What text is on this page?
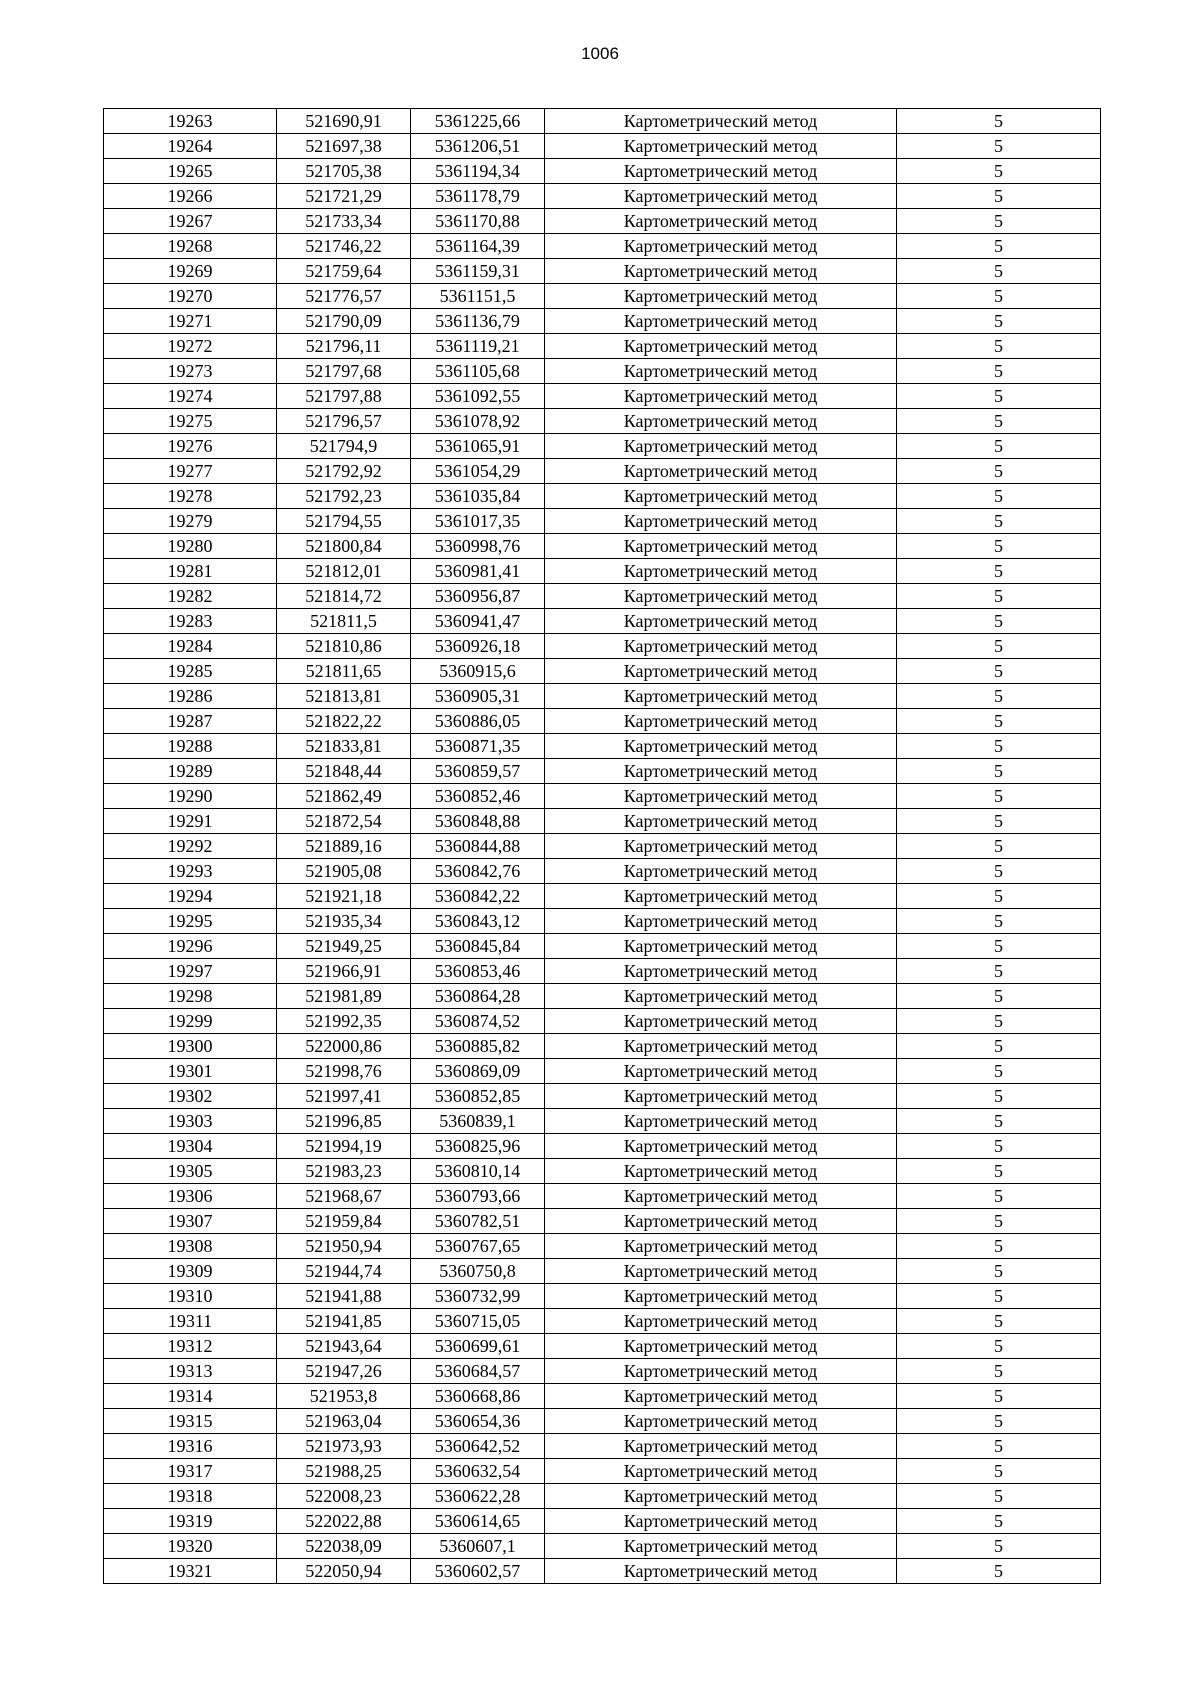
1006
19263	521690,91	5361225,66	Картометрический метод	5
19264	521697,38	5361206,51	Картометрический метод	5
19265	521705,38	5361194,34	Картометрический метод	5
19266	521721,29	5361178,79	Картометрический метод	5
19267	521733,34	5361170,88	Картометрический метод	5
19268	521746,22	5361164,39	Картометрический метод	5
19269	521759,64	5361159,31	Картометрический метод	5
19270	521776,57	5361151,5	Картометрический метод	5
19271	521790,09	5361136,79	Картометрический метод	5
19272	521796,11	5361119,21	Картометрический метод	5
19273	521797,68	5361105,68	Картометрический метод	5
19274	521797,88	5361092,55	Картометрический метод	5
19275	521796,57	5361078,92	Картометрический метод	5
19276	521794,9	5361065,91	Картометрический метод	5
19277	521792,92	5361054,29	Картометрический метод	5
19278	521792,23	5361035,84	Картометрический метод	5
19279	521794,55	5361017,35	Картометрический метод	5
19280	521800,84	5360998,76	Картометрический метод	5
19281	521812,01	5360981,41	Картометрический метод	5
19282	521814,72	5360956,87	Картометрический метод	5
19283	521811,5	5360941,47	Картометрический метод	5
19284	521810,86	5360926,18	Картометрический метод	5
19285	521811,65	5360915,6	Картометрический метод	5
19286	521813,81	5360905,31	Картометрический метод	5
19287	521822,22	5360886,05	Картометрический метод	5
19288	521833,81	5360871,35	Картометрический метод	5
19289	521848,44	5360859,57	Картометрический метод	5
19290	521862,49	5360852,46	Картометрический метод	5
19291	521872,54	5360848,88	Картометрический метод	5
19292	521889,16	5360844,88	Картометрический метод	5
19293	521905,08	5360842,76	Картометрический метод	5
19294	521921,18	5360842,22	Картометрический метод	5
19295	521935,34	5360843,12	Картометрический метод	5
19296	521949,25	5360845,84	Картометрический метод	5
19297	521966,91	5360853,46	Картометрический метод	5
19298	521981,89	5360864,28	Картометрический метод	5
19299	521992,35	5360874,52	Картометрический метод	5
19300	522000,86	5360885,82	Картометрический метод	5
19301	521998,76	5360869,09	Картометрический метод	5
19302	521997,41	5360852,85	Картометрический метод	5
19303	521996,85	5360839,1	Картометрический метод	5
19304	521994,19	5360825,96	Картометрический метод	5
19305	521983,23	5360810,14	Картометрический метод	5
19306	521968,67	5360793,66	Картометрический метод	5
19307	521959,84	5360782,51	Картометрический метод	5
19308	521950,94	5360767,65	Картометрический метод	5
19309	521944,74	5360750,8	Картометрический метод	5
19310	521941,88	5360732,99	Картометрический метод	5
19311	521941,85	5360715,05	Картометрический метод	5
19312	521943,64	5360699,61	Картометрический метод	5
19313	521947,26	5360684,57	Картометрический метод	5
19314	521953,8	5360668,86	Картометрический метод	5
19315	521963,04	5360654,36	Картометрический метод	5
19316	521973,93	5360642,52	Картометрический метод	5
19317	521988,25	5360632,54	Картометрический метод	5
19318	522008,23	5360622,28	Картометрический метод	5
19319	522022,88	5360614,65	Картометрический метод	5
19320	522038,09	5360607,1	Картометрический метод	5
19321	522050,94	5360602,57	Картометрический метод	5
